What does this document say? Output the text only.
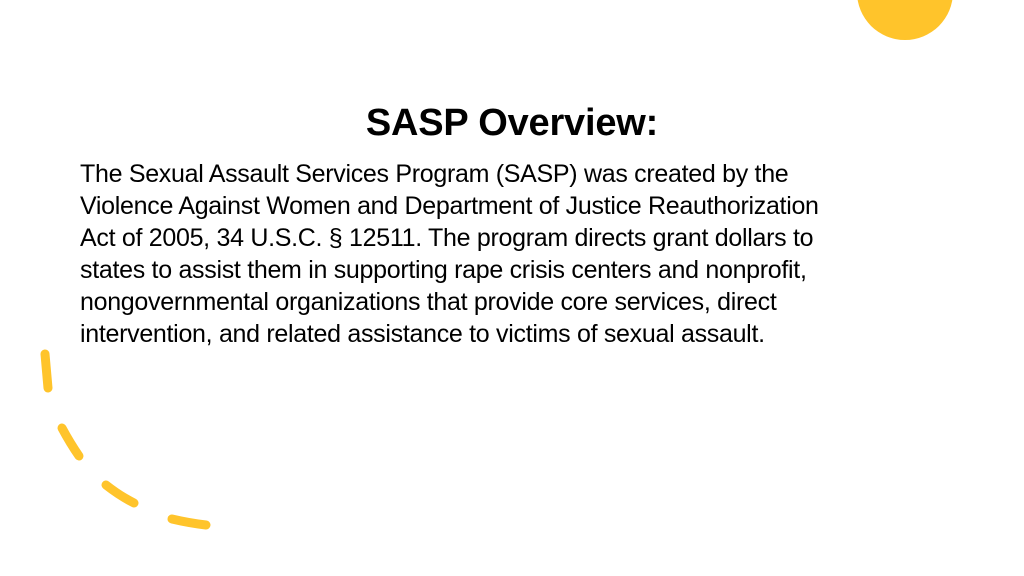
SASP Overview:
The Sexual Assault Services Program (SASP) was created by the
Violence Against Women and Department of Justice Reauthorization
Act of 2005, 34 U.S.C. § 12511. The program directs grant dollars to
states to assist them in supporting rape crisis centers and nonprofit,
nongovernmental organizations that provide core services, direct
intervention, and related assistance to victims of sexual assault.
